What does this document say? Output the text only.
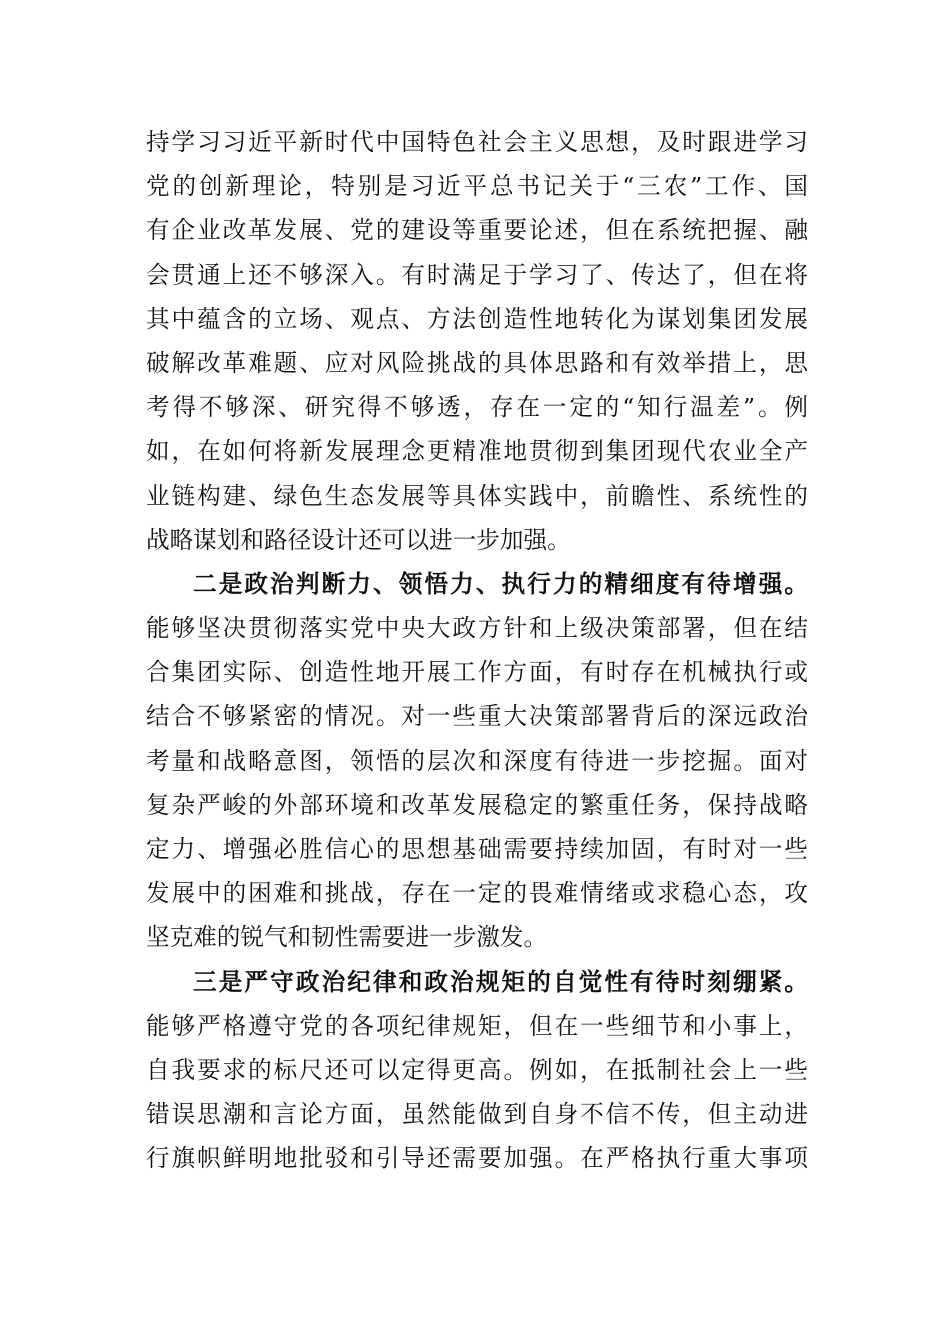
持学习习近平新时代中国特色社会主义思想，及时跟进学习
党的创新理论，特别是习近平总书记关于“三农”工作、国
有企业改革发展、党的建设等重要论述，但在系统把握、融
会贯通上还不够深入。有时满足于学习了、传达了，但在将
其中蕴含的立场、观点、方法创造性地转化为谋划集团发展
破解改革难题、应对风险挑战的具体思路和有效举措上，思
考得不够深、研究得不够透，存在一定的“知行温差”。例
如，在如何将新发展理念更精准地贯彻到集团现代农业全产
业链构建、绿色生态发展等具体实践中，前瞻性、系统性的
战略谋划和路径设计还可以进一步加强。
二是政治判断力、领悟力、执行力的精细度有待增强。
能够坚决贯彻落实党中央大政方针和上级决策部署，但在结
合集团实际、创造性地开展工作方面，有时存在机械执行或
结合不够紧密的情况。对一些重大决策部署背后的深远政治
考量和战略意图，领悟的层次和深度有待进一步挖掘。面对
复杂严峻的外部环境和改革发展稳定的繁重任务，保持战略
定力、增强必胜信心的思想基础需要持续加固，有时对一些
发展中的困难和挑战，存在一定的畏难情绪或求稳心态，攻
坚克难的锐气和韧性需要进一步激发。
三是严守政治纪律和政治规矩的自觉性有待时刻绷紧。
能够严格遵守党的各项纪律规矩，但在一些细节和小事上，
自我要求的标尺还可以定得更高。例如，在抵制社会上一些
错误思潮和言论方面，虽然能做到自身不信不传，但主动进
行旗帜鲜明地批驳和引导还需要加强。在严格执行重大事项
